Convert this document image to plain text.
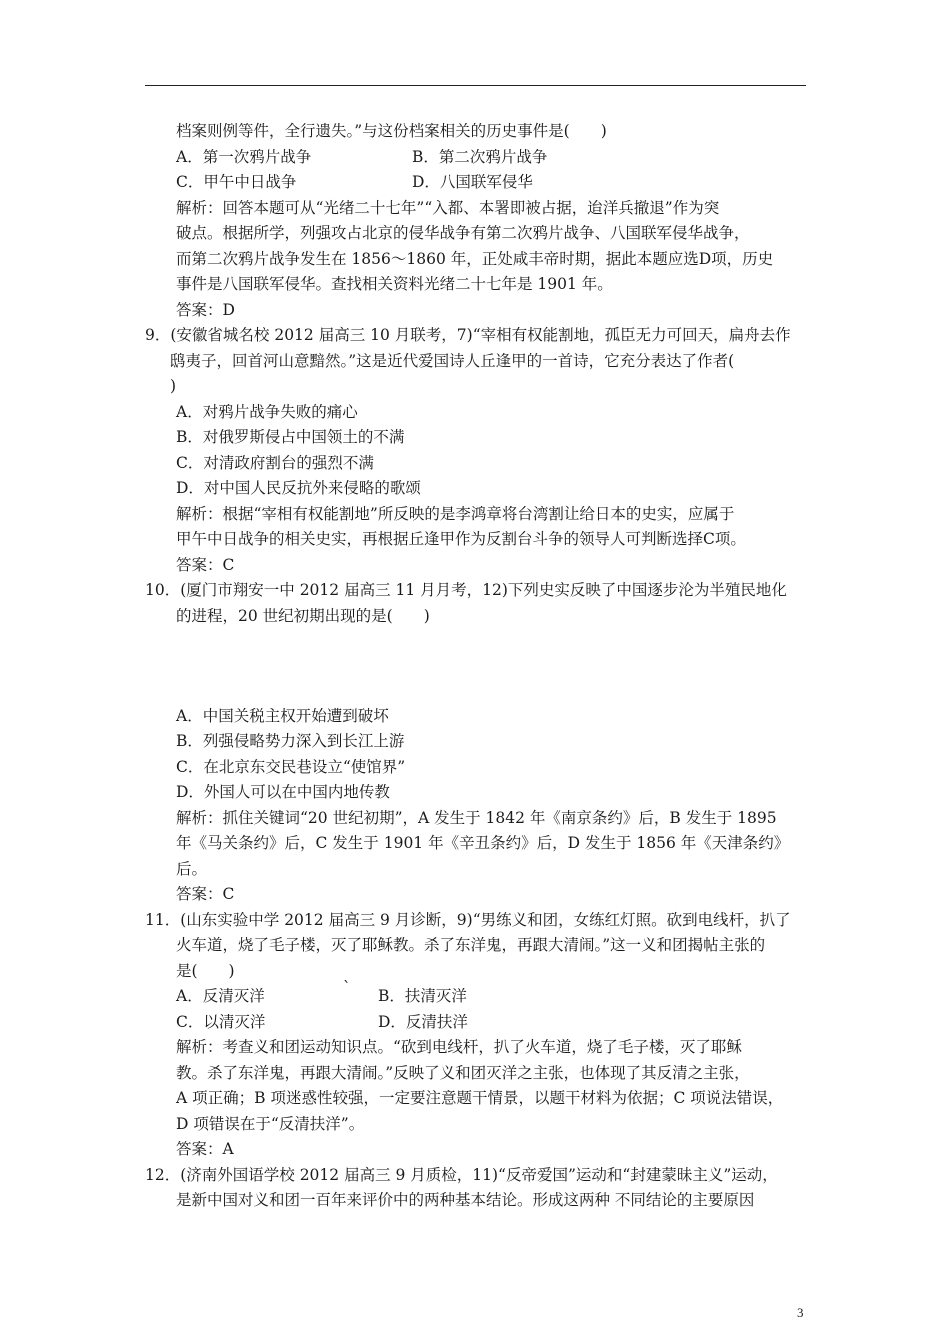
档案则例等件，全行遗失。”与这份档案相关的历史事件是(　　)
A．第一次鸦片战争	B．第二次鸦片战争
C．甲午中日战争	D．八国联军侵华
解析：回答本题可从“光绪二十七年”“入都、本署即被占据，迨洋兵撤退”作为突
破点。根据所学，列强攻占北京的侵华战争有第二次鸦片战争、八国联军侵华战争，
而第二次鸦片战争发生在 1856～1860 年，正处咸丰帝时期，据此本题应选D项，历史
事件是八国联军侵华。查找相关资料光绪二十七年是 1901 年。
答案：D
9．(安徽省城名校 2012 届高三 10 月联考，7)“宰相有权能割地，孤臣无力可回天，扁舟去作
鸱夷子，回首河山意黯然。”这是近代爱国诗人丘逢甲的一首诗，它充分表达了作者(
)
A．对鸦片战争失败的痛心
B．对俄罗斯侵占中国领土的不满
C．对清政府割台的强烈不满
D．对中国人民反抗外来侵略的歌颂
解析：根据“宰相有权能割地”所反映的是李鸿章将台湾割让给日本的史实，应属于
甲午中日战争的相关史实，再根据丘逢甲作为反割台斗争的领导人可判断选择C项。
答案：C
10．(厦门市翔安一中 2012 届高三 11 月月考，12)下列史实反映了中国逐步沦为半殖民地化
的进程，20 世纪初期出现的是(　　)
A．中国关税主权开始遭到破坏
B．列强侵略势力深入到长江上游
C．在北京东交民巷设立“使馆界”
D．外国人可以在中国内地传教
解析：抓住关键词“20 世纪初期”，A 发生于 1842 年《南京条约》后，B 发生于 1895
年《马关条约》后，C 发生于 1901 年《辛丑条约》后，D 发生于 1856 年《天津条约》
后。
答案：C
11．(山东实验中学 2012 届高三 9 月诊断，9)“男练义和团，女练红灯照。砍到电线杆，扒了
火车道，烧了毛子楼，灭了耶稣教。杀了东洋鬼，再跟大清闹。”这一义和团揭帖主张的
是(　　)
A．反清灭洋	` B．扶清灭洋
C．以清灭洋	D．反清扶洋
解析：考查义和团运动知识点。“砍到电线杆，扒了火车道，烧了毛子楼，灭了耶稣
教。杀了东洋鬼，再跟大清闹。”反映了义和团灭洋之主张，也体现了其反清之主张，
A 项正确；B 项迷惑性较强，一定要注意题干情景，以题干材料为依据；C 项说法错误，
D 项错误在于“反清扶洋”。
答案：A
12．(济南外国语学校 2012 届高三 9 月质检，11)“反帝爱国”运动和“封建蒙昧主义”运动，
是新中国对义和团一百年来评价中的两种基本结论。形成这两种 不同结论的主要原因
3
